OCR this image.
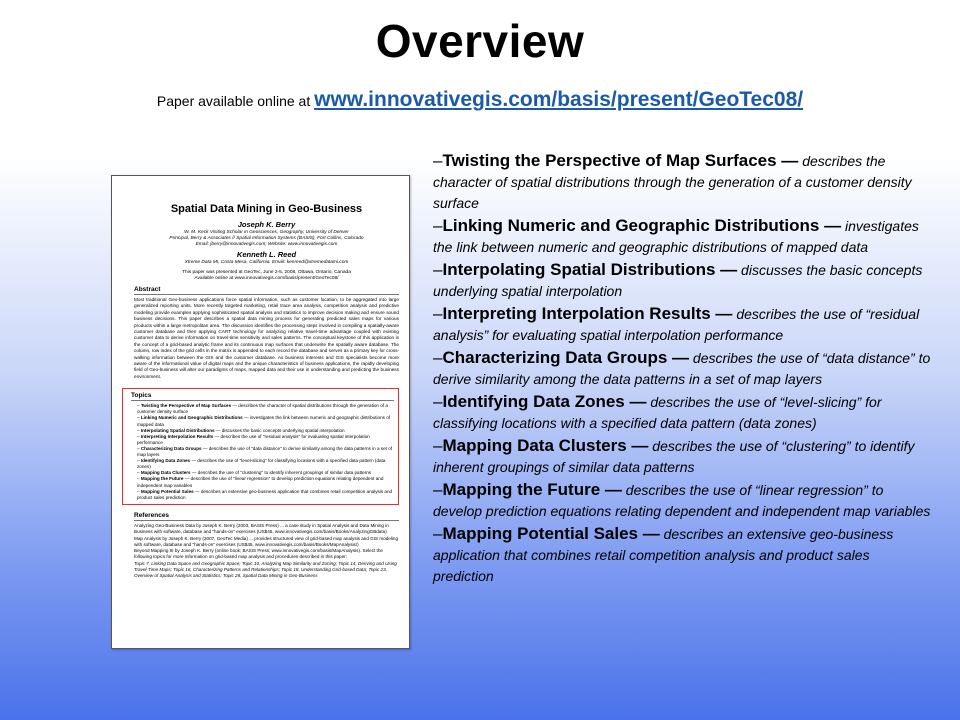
Overview
Paper available online at www.innovativegis.com/basis/present/GeoTec08/
Spatial Data Mining in Geo-Business
Joseph K. Berry
W. M. Keck Visiting Scholar in Geosciences, Geography, University of Denver
Principal, Berry & Associates // Spatial Information Systems (BASIS), Fort Collins, Colorado
Email: jberry@innovativegis.com; Website: www.innovativegis.com
Kenneth L. Reed
Xtreme Data MI, Costa Mesa, California. Email: kenreed@xtremedatami.com
This paper was presented at GeoTec, June 2-5, 2008, Ottawa, Ontario, Canada
Available online at www.innovativegis.com/basis/present/GeoTec08/
Abstract
Most traditional Geo-business applications force spatial information, such as customer location, to be aggregated into large generalized reporting units. More recently targeted marketing, retail trace area analysis, competition analysis and predictive modeling provide examples applying sophisticated spatial analysis and statistics to improve decision making and ensure sound business decisions. This paper describes a spatial data mining process for generating predicted sales maps for various products within a large metropolitan area. The discussion identifies the processing steps involved in compiling a spatially-aware customer database and then applying CART technology for analyzing relative travel-time advantage coupled with existing customer data to derive information on travel-time sensitivity and sales patterns. The conceptual keystone of this application is the concept of a grid-based analytic frame and its continuous map surfaces that underwrite the spatially aware database. The column, row index of the grid cells in the matrix is appended to each record the database and serves as a primary key for cross-walking information between the GIS and the customer database. As business interests and GIS specialists become more aware of the informational value of digital maps and the unique characteristics of business applications, the rapidly developing field of Geo-business will alter our paradigms of maps, mapped data and their use in understanding and predicting the business environment.
Topics
– Twisting the Perspective of Map Surfaces — describes the character of spatial distributions through the generation of a customer density surface
– Linking Numeric and Geographic Distributions — investigates the link between numeric and geographic distributions of mapped data
– Interpolating Spatial Distributions — discusses the basic concepts underlying spatial interpolation
– Interpreting Interpolation Results — describes the use of "residual analysis" for evaluating spatial interpolation performance
– Characterizing Data Groups — describes the use of "data distance" to derive similarity among the data patterns in a set of map layers
– Identifying Data Zones — describes the use of "level-slicing" for classifying locations with a specified data pattern (data zones)
– Mapping Data Clusters — describes the use of "clustering" to identify inherent groupings of similar data patterns
– Mapping the Future — describes the use of "linear regression" to develop prediction equations relating dependent and independent map variables
– Mapping Potential Sales — describes an extensive geo-business application that combines retail competition analysis and product sales prediction
References

Analyzing Geo-Business Data by Joseph K. Berry (2003, BASIS Press) ... a case study in Spatial Analysis and Data Mining in Business with software, database and "hands-on" exercises (US$45, www.innovativegis.com/basis/Books/AnalyzingGBdata)

Map Analysis by Joseph K. Berry (2007, GeoTec Media) ... provides structured view of grid-based map analysis and GIS modeling with software, database and "hands-on" exercises (US$45, www.innovativegis.com/basis/Books/MapAnalysis/)

Beyond Mapping III by Joseph K. Berry (online book; BASIS Press; www.innovativegis.com/basis/MapAnalysis). Select the following topics for more information on grid-based map analysis and procedures described in this paper:

Topic 7, Linking Data Space and Geographic Space; Topic 10, Analyzing Map Similarity and Zoning; Topic 14, Deriving and Using Travel-Time Maps; Topic 16, Characterizing Patterns and Relationships; Topic 18, Understanding Grid-based Data; Topic 23, Overview of Spatial Analysis and Statistics; Topic 28, Spatial Data Mining in Geo-Business

–Twisting the Perspective of Map Surfaces — describes the character of spatial distributions through the generation of a customer density surface
–Linking Numeric and Geographic Distributions — investigates the link between numeric and geographic distributions of mapped data
–Interpolating Spatial Distributions — discusses the basic concepts underlying spatial interpolation
–Interpreting Interpolation Results — describes the use of “residual analysis” for evaluating spatial interpolation performance
–Characterizing Data Groups — describes the use of “data distance” to derive similarity among the data patterns in a set of map layers
–Identifying Data Zones — describes the use of “level-slicing” for classifying locations with a specified data pattern (data zones)
–Mapping Data Clusters — describes the use of “clustering” to identify inherent groupings of similar data patterns
–Mapping the Future — describes the use of “linear regression” to develop prediction equations relating dependent and independent map variables
–Mapping Potential Sales — describes an extensive geo-business application that combines retail competition analysis and product sales prediction
